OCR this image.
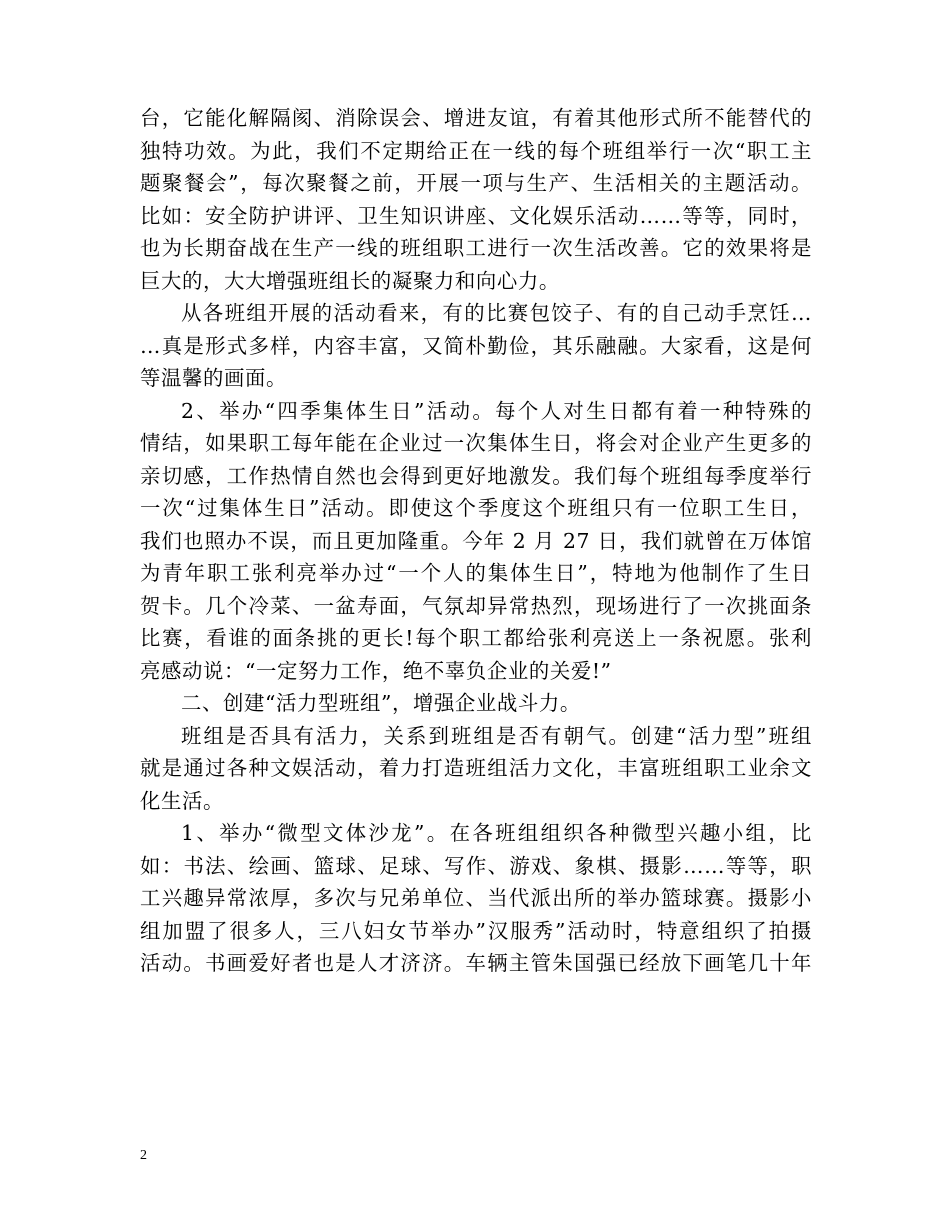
台，它能化解隔阂、消除误会、增进友谊，有着其他形式所不能替代的
独特功效。为此，我们不定期给正在一线的每个班组举行一次“职工主
题聚餐会”，每次聚餐之前，开展一项与生产、生活相关的主题活动。
比如：安全防护讲评、卫生知识讲座、文化娱乐活动……等等，同时，
也为长期奋战在生产一线的班组职工进行一次生活改善。它的效果将是
巨大的，大大增强班组长的凝聚力和向心力。
从各班组开展的活动看来，有的比赛包饺子、有的自己动手烹饪…
…真是形式多样，内容丰富，又简朴勤俭，其乐融融。大家看，这是何
等温馨的画面。
2、举办“四季集体生日”活动。每个人对生日都有着一种特殊的
情结，如果职工每年能在企业过一次集体生日，将会对企业产生更多的
亲切感，工作热情自然也会得到更好地激发。我们每个班组每季度举行
一次“过集体生日”活动。即使这个季度这个班组只有一位职工生日，
我们也照办不误，而且更加隆重。今年 2 月 27 日，我们就曾在万体馆
为青年职工张利亮举办过“一个人的集体生日”，特地为他制作了生日
贺卡。几个冷菜、一盆寿面，气氛却异常热烈，现场进行了一次挑面条
比赛，看谁的面条挑的更长!每个职工都给张利亮送上一条祝愿。张利
亮感动说：“一定努力工作，绝不辜负企业的关爱!”
二、创建“活力型班组”，增强企业战斗力。
班组是否具有活力，关系到班组是否有朝气。创建“活力型”班组
就是通过各种文娱活动，着力打造班组活力文化，丰富班组职工业余文
化生活。
1、举办“微型文体沙龙”。在各班组组织各种微型兴趣小组，比
如：书法、绘画、篮球、足球、写作、游戏、象棋、摄影……等等，职
工兴趣异常浓厚，多次与兄弟单位、当代派出所的举办篮球赛。摄影小
组加盟了很多人，三八妇女节举办”汉服秀”活动时，特意组织了拍摄
活动。书画爱好者也是人才济济。车辆主管朱国强已经放下画笔几十年
2
